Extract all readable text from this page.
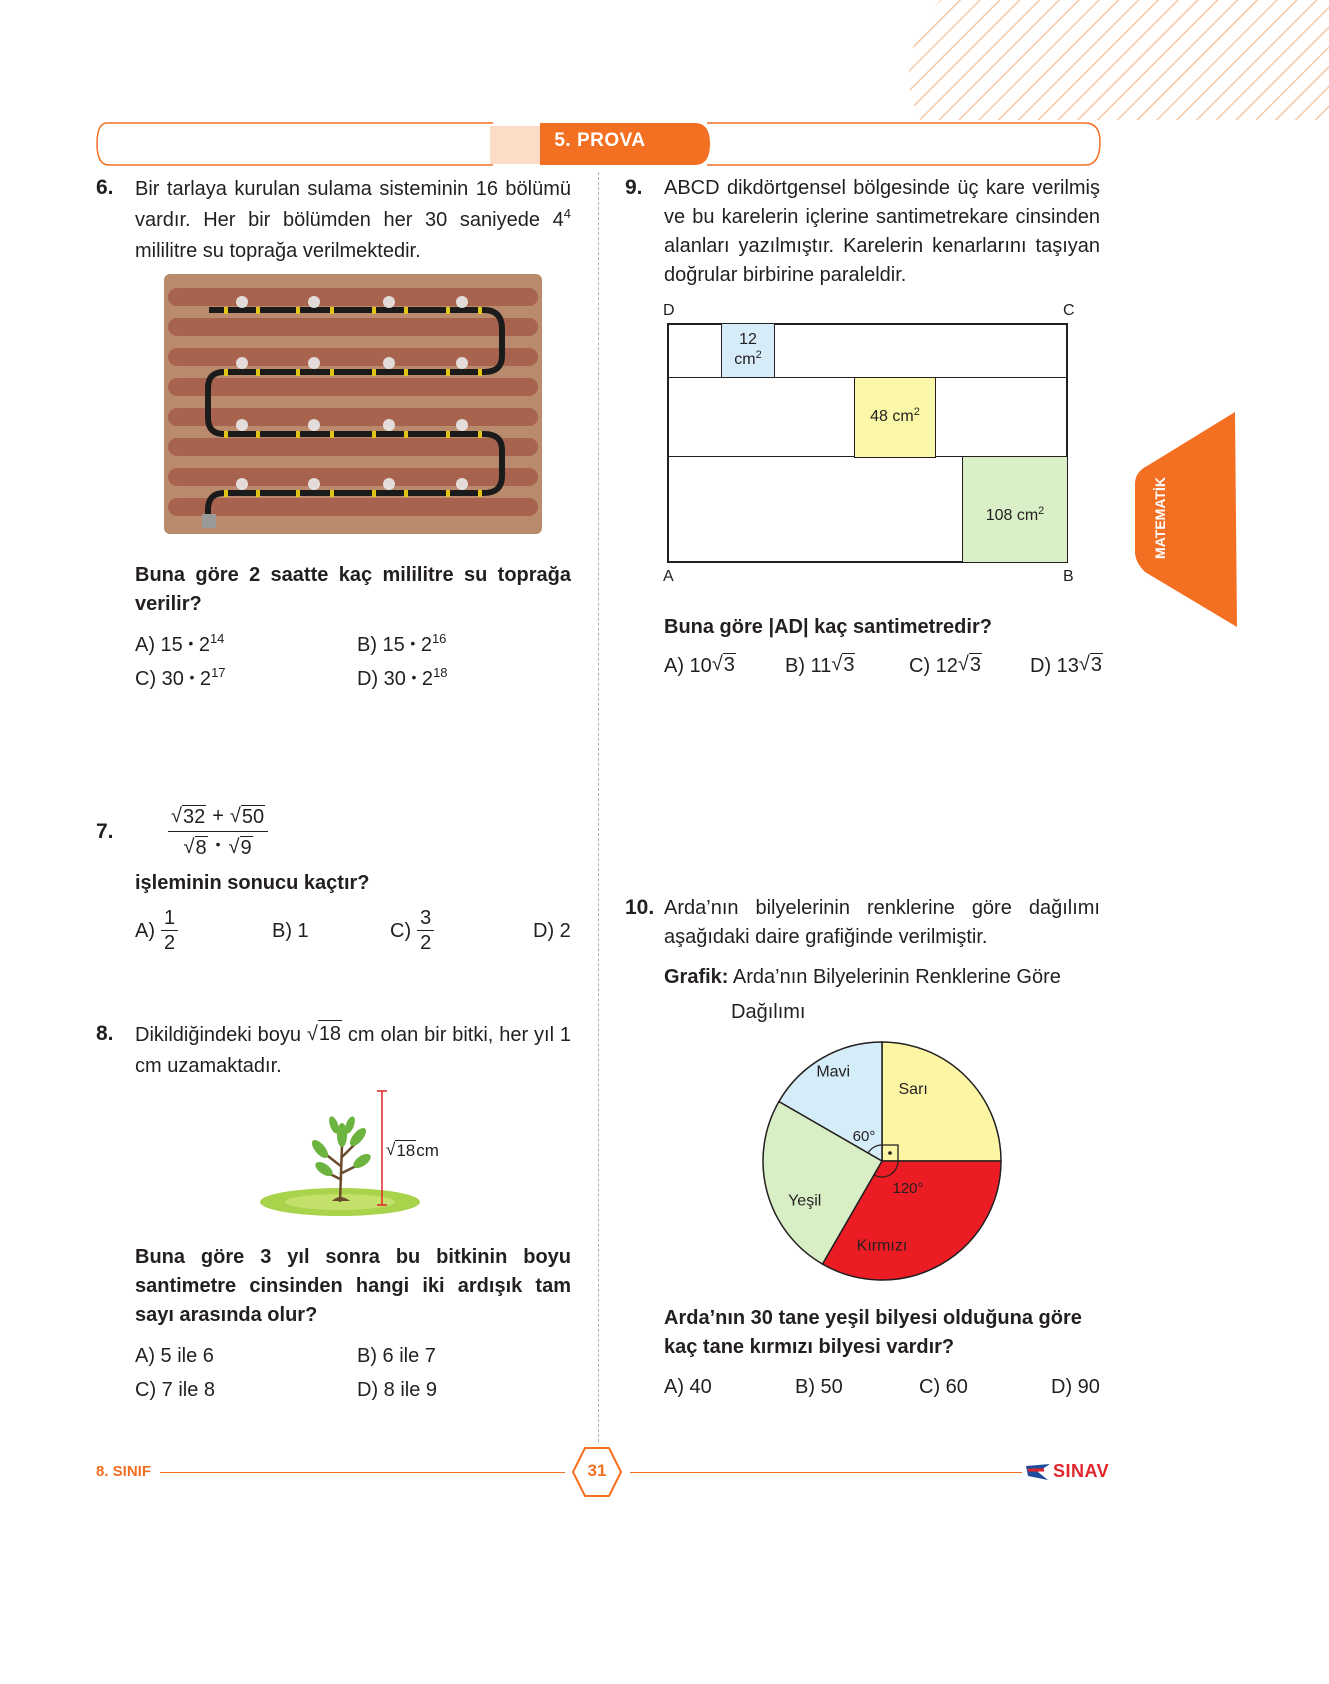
5. PROVA
MATEMATİK
6. Bir tarlaya kurulan sulama sisteminin 16 bölümü vardır. Her bir bölümden her 30 saniyede $4^4$ mililitre su toprağa verilmektedir.
Buna göre 2 saatte kaç mililitre su toprağa verilir?
A) 15 • $2^{14}$	B) 15 • $2^{16}$
C) 30 • $2^{17}$	D) 30 • $2^{18}$
7.	$\frac{√ 32 + √ 50}{√ 8 • √ 9}$
işleminin sonucu kaçtır?
$A) \frac{1}{2}$	B) 1	$C) \frac{3}{2}$	D) 2
8. Dikildiğindeki boyu √ 18 cm olan bir bitki, her yıl 1 cm uzamaktadır.
√ 18 cm
Buna göre 3 yıl sonra bu bitkinin boyu santimetre cinsinden hangi iki ardışık tam sayı arasında olur?
A) 5 ile 6	B) 6 ile 7
C) 7 ile 8	D) 8 ile 9
9. ABCD dikdörtgensel bölgesinde üç kare verilmiş ve bu karelerin içlerine santimetrekare cinsinden alanları yazılmıştır. Karelerin kenarlarını taşıyan doğrular birbirine paraleldir.
12
$cm^2$
48 $cm^2$
108 $cm^2$
D	C
A	B
Buna göre |AD| kaç santimetredir?
A) 10 √ 3	B) 11 √ 3	C) 12 √ 3 D) 13 √ 3
10. Arda’nın bilyelerinin renklerine göre dağılımı aşağıdaki daire grafiğinde verilmiştir.
Grafik: Arda’nın Bilyelerinin Renklerine Göre
Dağılımı
Sarı
Kırmızı
Yeşil
Mavi
60°
120°
Arda’nın 30 tane yeşil bilyesi olduğuna göre kaç tane kırmızı bilyesi vardır?
A) 40	B) 50	C) 60	D) 90
8. SINIF	31	SINAV
